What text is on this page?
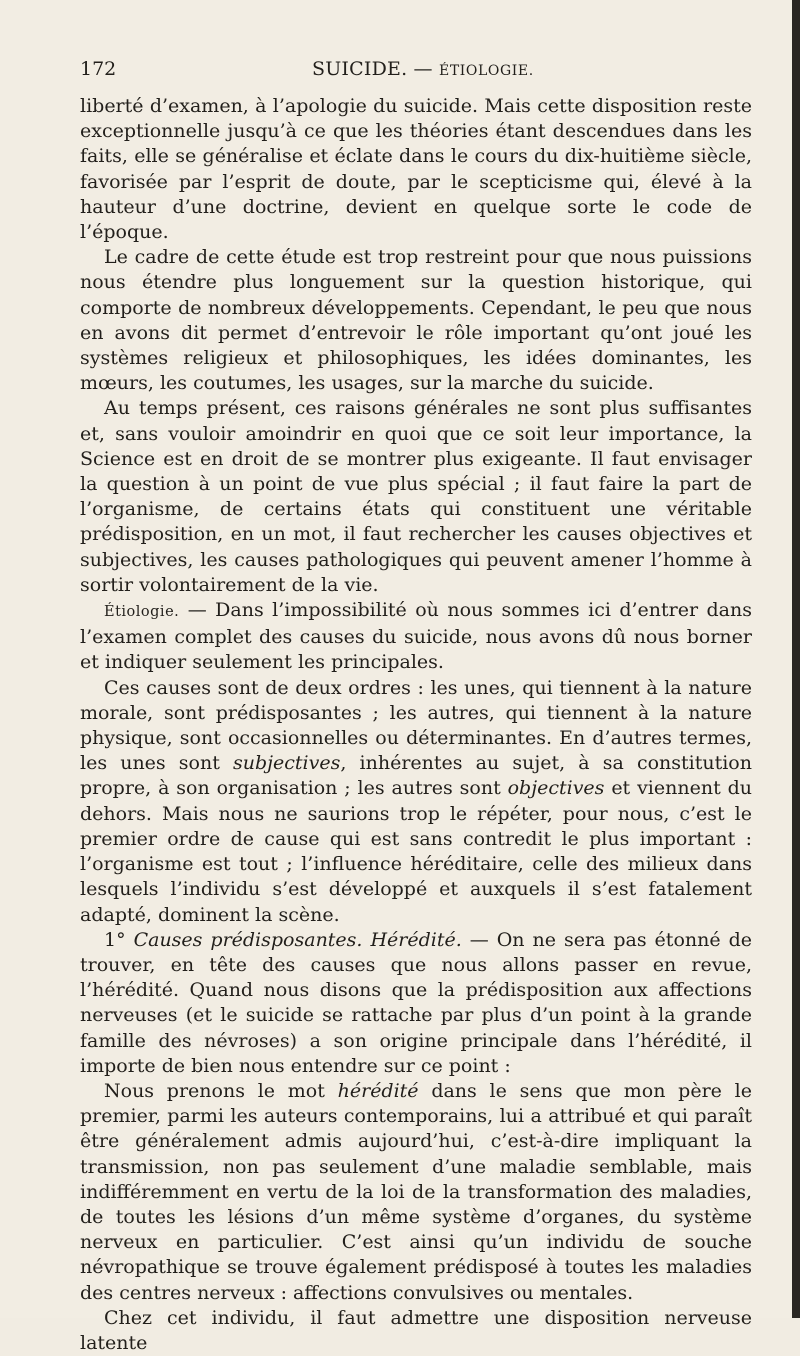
172	SUICIDE. — ÉTIOLOGIE.

liberté d’examen, à l’apologie du suicide. Mais cette disposition reste exceptionnelle jusqu’à ce que les théories étant descendues dans les faits, elle se généralise et éclate dans le cours du dix-huitième siècle, favorisée par l’esprit de doute, par le scepticisme qui, élevé à la hauteur d’une doctrine, devient en quelque sorte le code de l’époque.

Le cadre de cette étude est trop restreint pour que nous puissions nous étendre plus longuement sur la question historique, qui comporte de nombreux développements. Cependant, le peu que nous en avons dit permet d’entrevoir le rôle important qu’ont joué les systèmes religieux et philosophiques, les idées dominantes, les mœurs, les coutumes, les usages, sur la marche du suicide.

Au temps présent, ces raisons générales ne sont plus suffisantes et, sans vouloir amoindrir en quoi que ce soit leur importance, la Science est en droit de se montrer plus exigeante. Il faut envisager la question à un point de vue plus spécial ; il faut faire la part de l’organisme, de certains états qui constituent une véritable prédisposition, en un mot, il faut rechercher les causes objectives et subjectives, les causes pathologiques qui peuvent amener l’homme à sortir volontairement de la vie.

Étiologie. — Dans l’impossibilité où nous sommes ici d’entrer dans l’examen complet des causes du suicide, nous avons dû nous borner et indiquer seulement les principales.

Ces causes sont de deux ordres : les unes, qui tiennent à la nature morale, sont prédisposantes ; les autres, qui tiennent à la nature physique, sont occasionnelles ou déterminantes. En d’autres termes, les unes sont subjectives, inhérentes au sujet, à sa constitution propre, à son organisation ; les autres sont objectives et viennent du dehors. Mais nous ne saurions trop le répéter, pour nous, c’est le premier ordre de cause qui est sans contredit le plus important : l’organisme est tout ; l’influence héréditaire, celle des milieux dans lesquels l’individu s’est développé et auxquels il s’est fatalement adapté, dominent la scène.

1° Causes prédisposantes. Hérédité. — On ne sera pas étonné de trouver, en tête des causes que nous allons passer en revue, l’hérédité. Quand nous disons que la prédisposition aux affections nerveuses (et le suicide se rattache par plus d’un point à la grande famille des névroses) a son origine principale dans l’hérédité, il importe de bien nous entendre sur ce point :

Nous prenons le mot hérédité dans le sens que mon père le premier, parmi les auteurs contemporains, lui a attribué et qui paraît être généralement admis aujourd’hui, c’est-à-dire impliquant la transmission, non pas seulement d’une maladie semblable, mais indifféremment en vertu de la loi de la transformation des maladies, de toutes les lésions d’un même système d’organes, du système nerveux en particulier. C’est ainsi qu’un individu de souche névropathique se trouve également prédisposé à toutes les maladies des centres nerveux : affections convulsives ou mentales.

Chez cet individu, il faut admettre une disposition nerveuse latente
